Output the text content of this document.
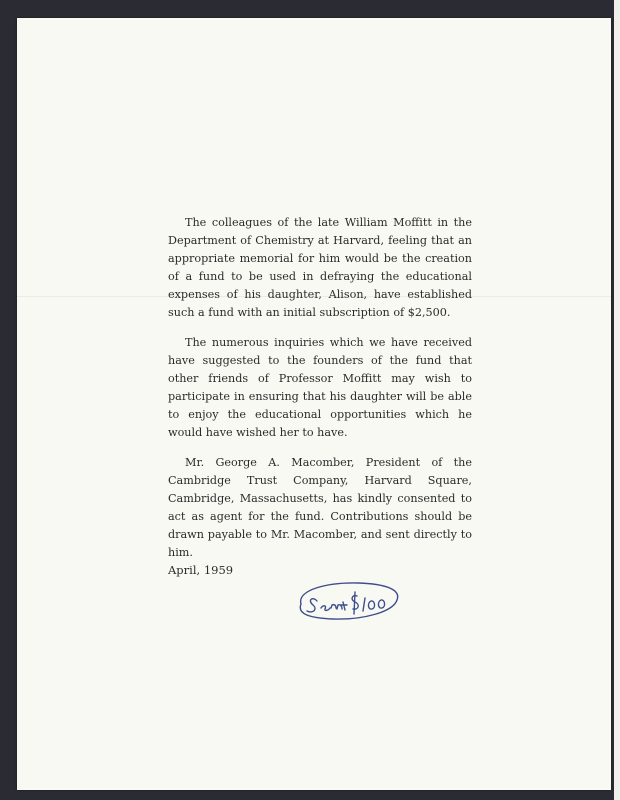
The colleagues of the late William Moffitt in the Department of Chemistry at Harvard, feeling that an appropriate memorial for him would be the creation of a fund to be used in defraying the educational expenses of his daughter, Alison, have established such a fund with an initial subscription of $2,500.

The numerous inquiries which we have received have suggested to the founders of the fund that other friends of Professor Moffitt may wish to participate in ensuring that his daughter will be able to enjoy the educational opportunities which he would have wished her to have.

Mr. George A. Macomber, President of the Cambridge Trust Company, Harvard Square, Cambridge, Massachusetts, has kindly consented to act as agent for the fund. Contributions should be drawn payable to Mr. Macomber, and sent directly to him.

April, 1959
